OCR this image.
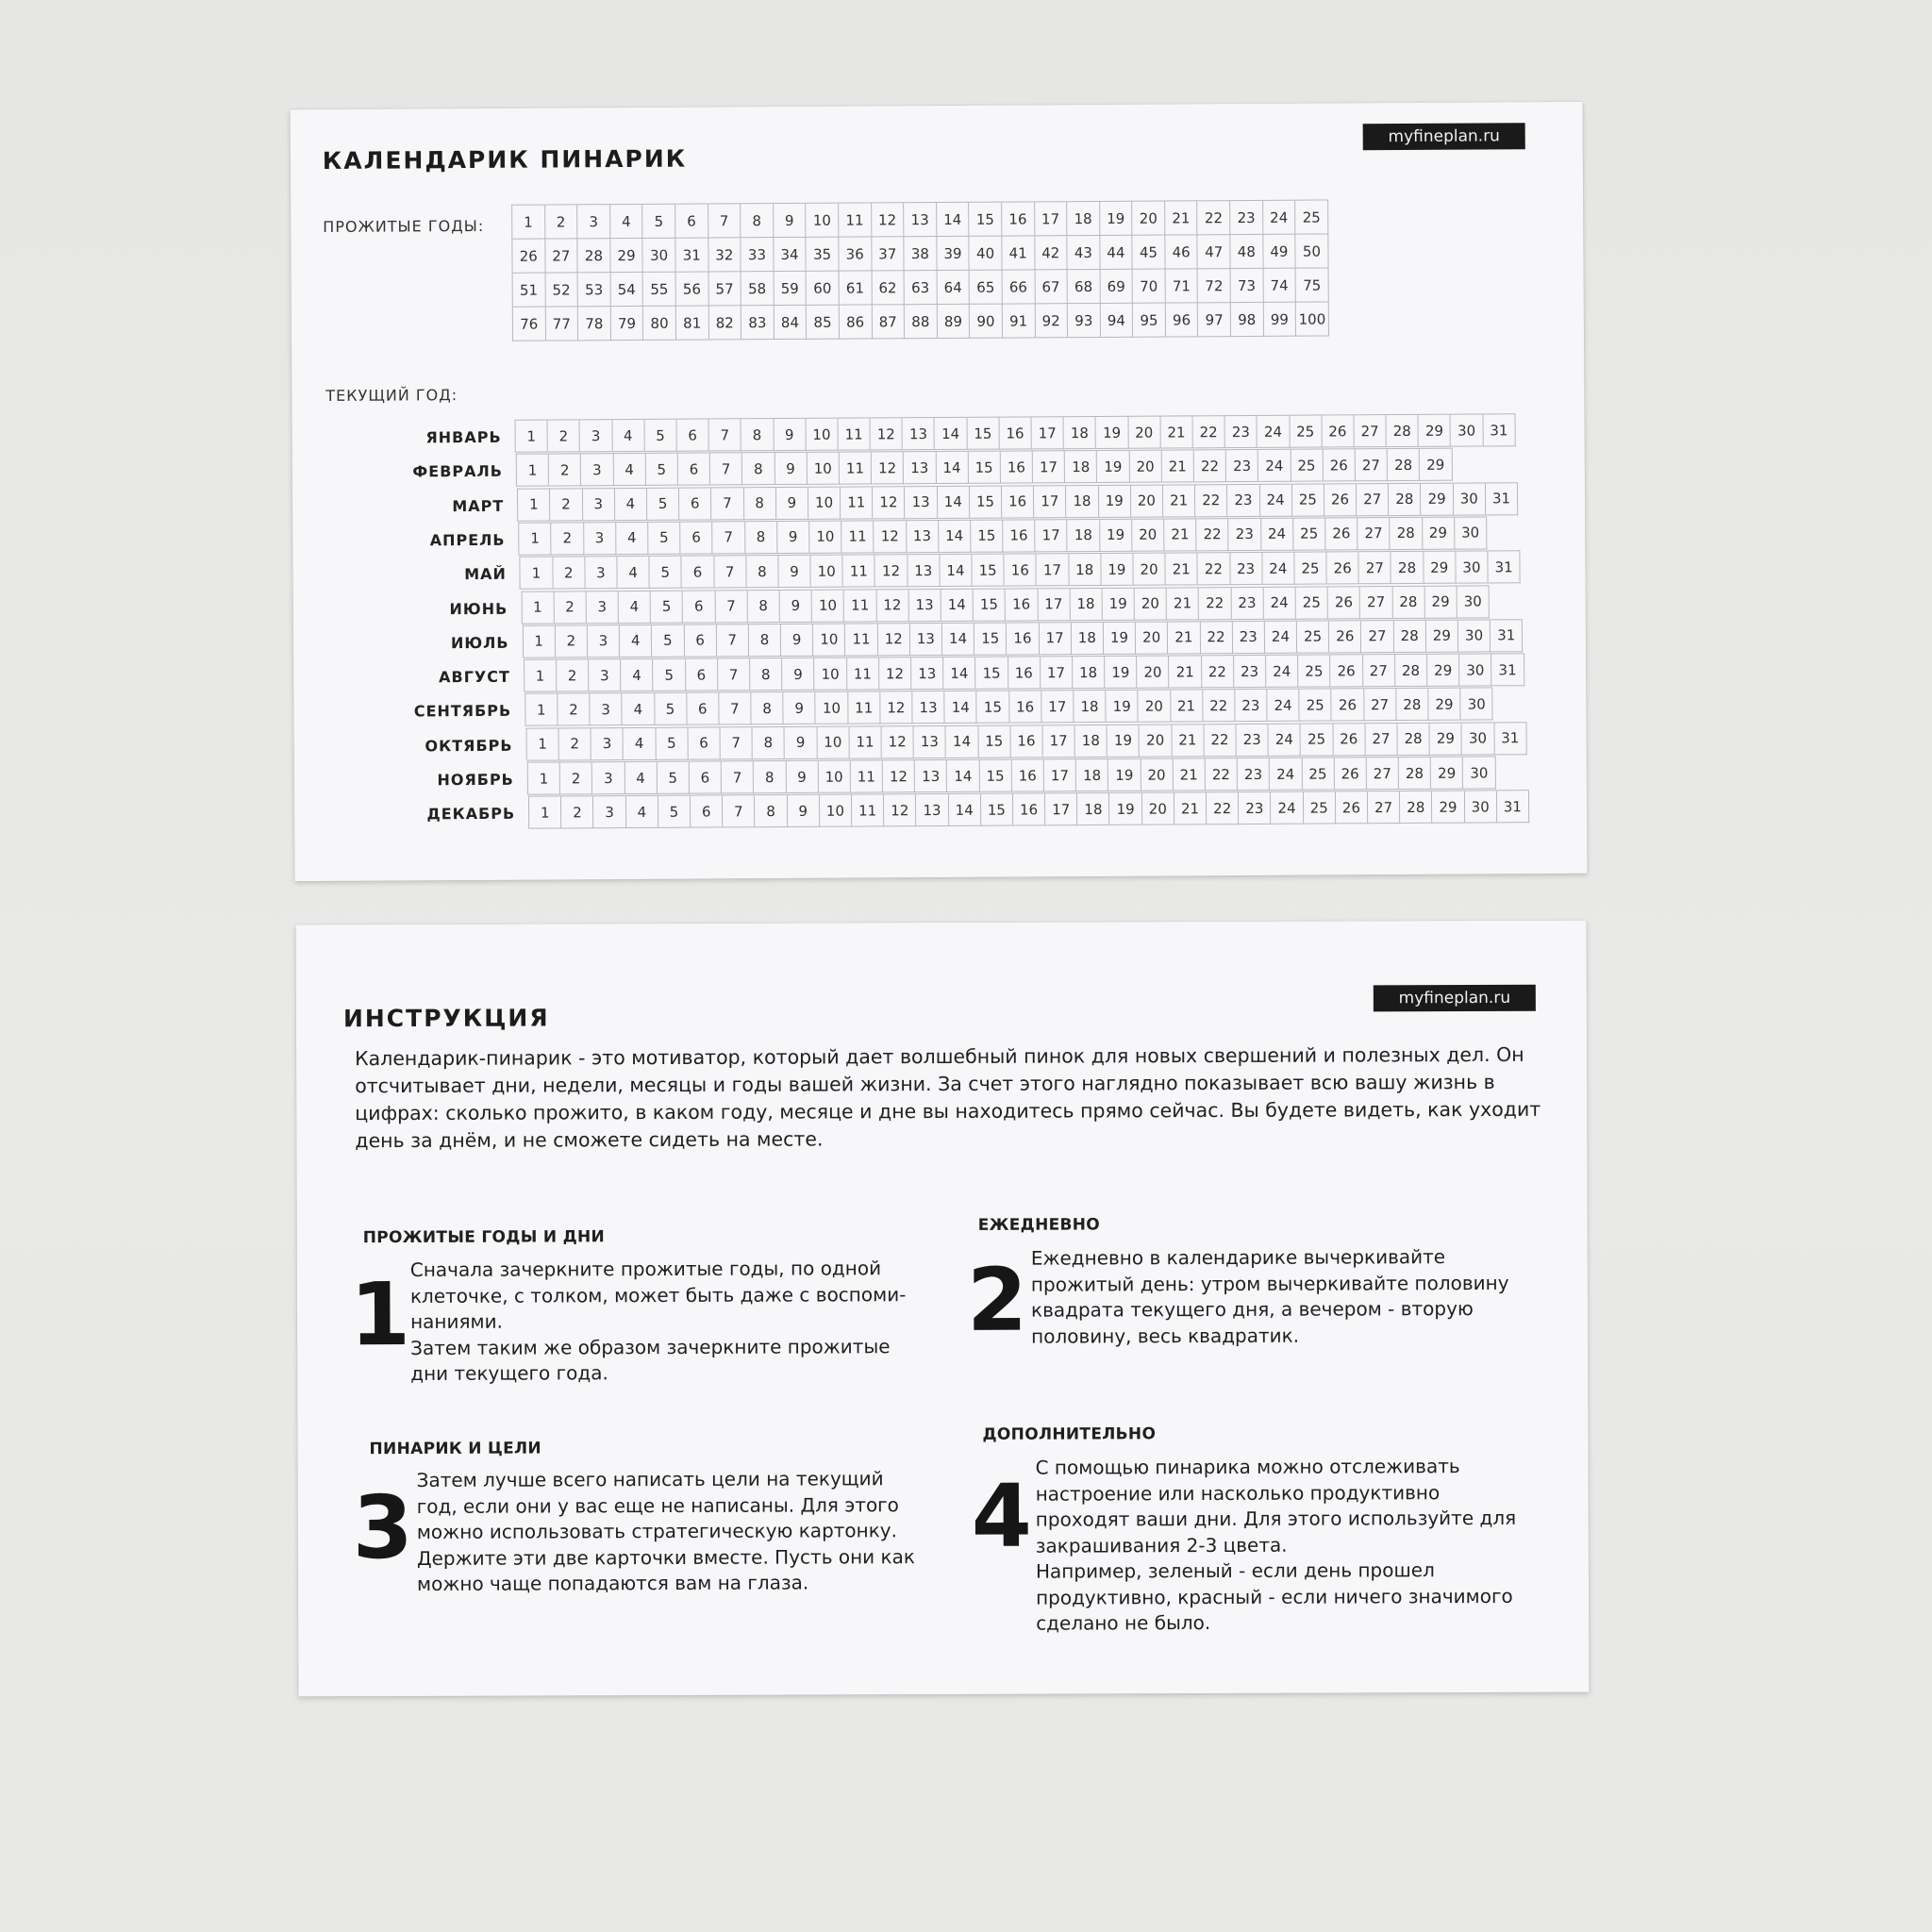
КАЛЕНДАРИК ПИНАРИК
myfineplan.ru
ПРОЖИТЫЕ ГОДЫ:	1	2	3	4	5	6	7	8	9	10	11	12	13	14	15	16	17	18	19	20	21	22	23	24	25
26	27	28	29	30	31	32	33	34	35	36	37	38	39	40	41	42	43	44	45	46	47	48	49	50
51	52	53	54	55	56	57	58	59	60	61	62	63	64	65	66	67	68	69	70	71	72	73	74	75
76	77	78	79	80	81	82	83	84	85	86	87	88	89	90	91	92	93	94	95	96	97	98	99 100
ТЕКУЩИЙ ГОД:
ЯНВАРЬ	1	2	3	4	5	6	7	8	9	10 11 12 13 14 15 16 17 18 19 20 21 22 23 24 25 26 27 28 29 30 31
ФЕВРАЛЬ	1	2	3	4	5	6	7	8	9	10 11 12 13 14 15 16 17 18 19 20 21 22 23 24 25 26 27 28 29
МАРТ	1	2	3	4	5	6	7	8	9	10 11 12 13 14 15 16 17 18 19 20 21 22 23 24 25 26 27 28 29 30 31
АПРЕЛЬ	1	2	3	4	5	6	7	8	9	10 11 12 13 14 15 16 17 18 19 20 21 22 23 24 25 26 27 28 29 30
МАЙ	1	2	3	4	5	6	7	8	9	10 11 12 13 14 15 16 17 18 19 20 21 22 23 24 25 26 27 28 29 30 31
ИЮНЬ	1	2	3	4	5	6	7	8	9	10 11 12 13 14 15 16 17 18 19 20 21 22 23 24 25 26 27 28 29 30
ИЮЛЬ	1	2	3	4	5	6	7	8	9	10 11 12 13 14 15 16 17 18 19 20 21 22 23 24 25 26 27 28 29 30 31
АВГУСТ	1	2	3	4	5	6	7	8	9	10 11 12 13 14 15 16 17 18 19 20 21 22 23 24 25 26 27 28 29 30 31
СЕНТЯБРЬ	1	2	3	4	5	6	7	8	9	10 11 12 13 14 15 16 17 18 19 20 21 22 23 24 25 26 27 28 29 30
ОКТЯБРЬ	1	2	3	4	5	6	7	8	9	10 11 12 13 14 15 16 17 18 19 20 21 22 23 24 25 26 27 28 29 30 31
НОЯБРЬ	1	2	3	4	5	6	7	8	9	10 11 12 13 14 15 16 17 18 19 20 21 22 23 24 25 26 27 28 29 30
ДЕКАБРЬ	1	2	3	4	5	6	7	8	9	10 11 12 13 14 15 16 17 18 19 20 21 22 23 24 25 26 27 28 29 30 31
ИНСТРУКЦИЯ
myfineplan.ru
Календарик-пинарик - это мотиватор, который дает волшебный пинок для новых свершений и полезных дел. Он отсчитывает дни, недели, месяцы и годы вашей жизни. За счет этого наглядно показывает всю вашу жизнь в цифрах: сколько прожито, в каком году, месяце и дне вы находитесь прямо сейчас. Вы будете видеть, как уходит день за днём, и не сможете сидеть на месте.
ПРОЖИТЫЕ ГОДЫ И ДНИ
1 Сначала зачеркните прожитые годы, по одной
клеточке, с толком, может быть даже с воспоми-
наниями.
Затем таким же образом зачеркните прожитые
дни текущего года.
ЕЖЕДНЕВНО
2 Ежедневно в календарике вычеркивайте
прожитый день: утром вычеркивайте половину
квадрата текущего дня, а вечером - вторую
половину, весь квадратик.
ПИНАРИК И ЦЕЛИ
3 Затем лучше всего написать цели на текущий
год, если они у вас еще не написаны. Для этого
можно использовать стратегическую картонку.
Держите эти две карточки вместе. Пусть они как
можно чаще попадаются вам на глаза.
ДОПОЛНИТЕЛЬНО
4 С помощью пинарика можно отслеживать
настроение или насколько продуктивно
проходят ваши дни. Для этого используйте для
закрашивания 2-3 цвета.
Например, зеленый - если день прошел
продуктивно, красный - если ничего значимого
сделано не было.
